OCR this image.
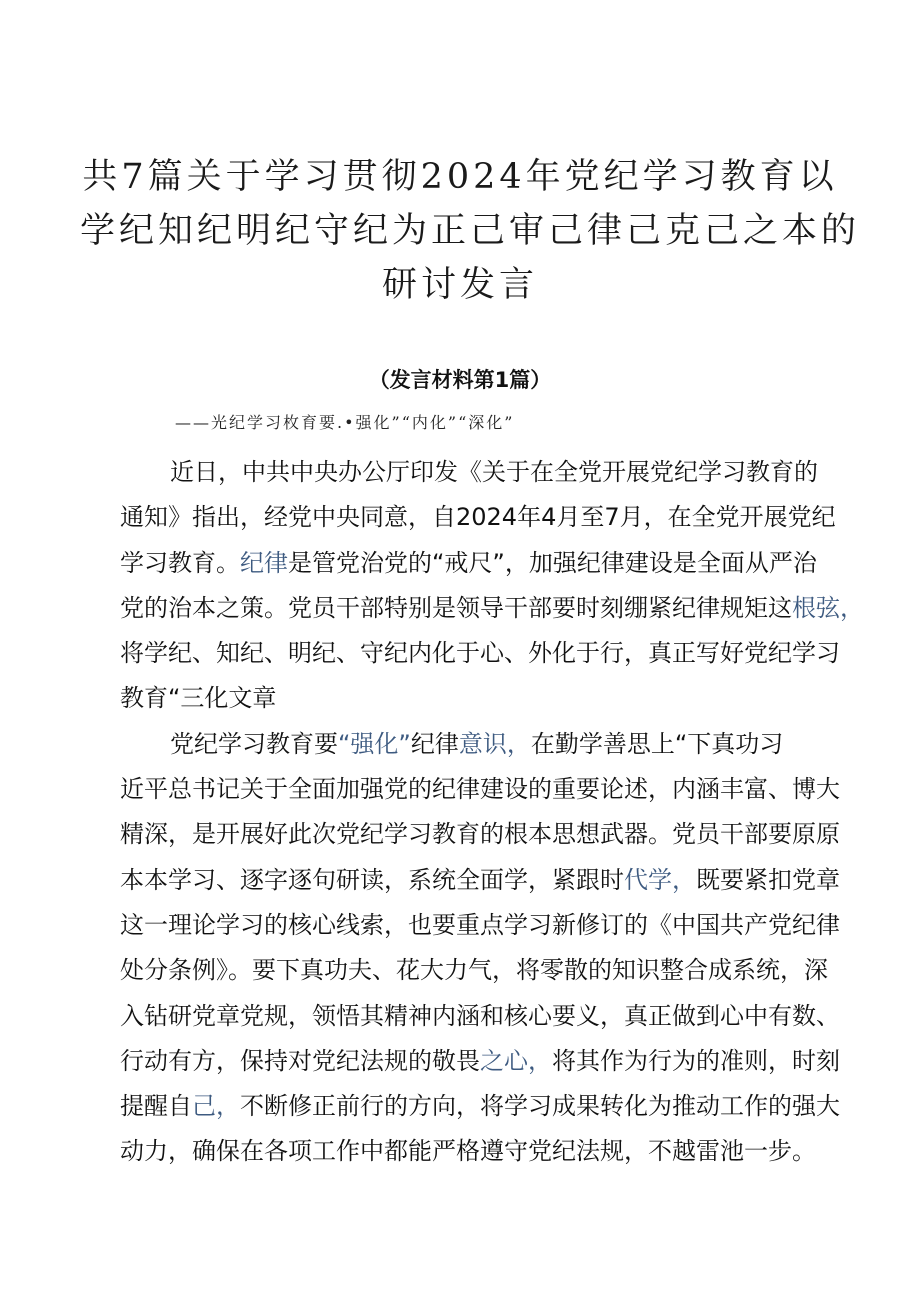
共7篇关于学习贯彻2024年党纪学习教育以
学纪知纪明纪守纪为正己审己律己克己之本的
研讨发言
（发言材料第1篇）
——光纪学习枚育要.•强化”“内化”“深化”
近日，中共中央办公厅印发《关于在全党开展党纪学习教育的
通知》指出，经党中央同意，自2024年4月至7月，在全党开展党纪
学习教育。纪律是管党治党的“戒尺”，加强纪律建设是全面从严治
党的治本之策。党员干部特别是领导干部要时刻绷紧纪律规矩这根弦，
将学纪、知纪、明纪、守纪内化于心、外化于行，真正写好党纪学习
教育“三化文章
党纪学习教育要“强化”纪律意识，在勤学善思上“下真功习
近平总书记关于全面加强党的纪律建设的重要论述，内涵丰富、博大
精深，是开展好此次党纪学习教育的根本思想武器。党员干部要原原
本本学习、逐字逐句研读，系统全面学，紧跟时代学，既要紧扣党章
这一理论学习的核心线索，也要重点学习新修订的《中国共产党纪律
处分条例》。要下真功夫、花大力气，将零散的知识整合成系统，深
入钻研党章党规，领悟其精神内涵和核心要义，真正做到心中有数、
行动有方，保持对党纪法规的敬畏之心，将其作为行为的准则，时刻
提醒自己，不断修正前行的方向，将学习成果转化为推动工作的强大
动力，确保在各项工作中都能严格遵守党纪法规，不越雷池一步。
